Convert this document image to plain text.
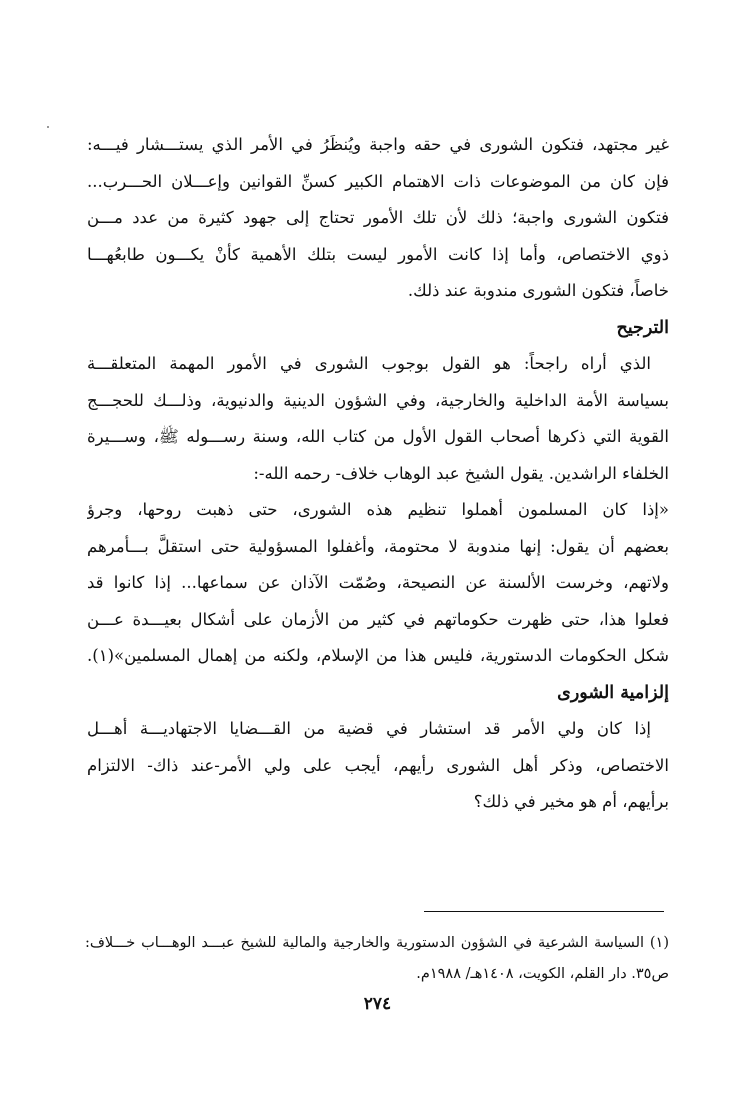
غير مجتهد، فتكون الشورى في حقه واجبة ويُنظَرُ في الأمر الذي يستـــشار فيـــه:
فإن كان من الموضوعات ذات الاهتمام الكبير كسنِّ القوانين وإعـــلان الحـــرب...
فتكون الشورى واجبة؛ ذلك لأن تلك الأمور تحتاج إلى جهود كثيرة من عدد مـــن
ذوي الاختصاص، وأما إذا كانت الأمور ليست بتلك الأهمية كأنْ يكـــون طابعُهـــا
خاصاً، فتكون الشورى مندوبة عند ذلك.
الترجيح
الذي أراه راجحاً: هو القول بوجوب الشورى في الأمور المهمة المتعلقـــة
بسياسة الأمة الداخلية والخارجية، وفي الشؤون الدينية والدنيوية، وذلـــك للحجـــج
القوية التي ذكرها أصحاب القول الأول من كتاب الله، وسنة رســـوله ﷺ، وســـيرة
الخلفاء الراشدين. يقول الشيخ عبد الوهاب خلاف- رحمه الله-:
«إذا كان المسلمون أهملوا تنظيم هذه الشورى، حتى ذهبت روحها، وجرؤ
بعضهم أن يقول: إنها مندوبة لا محتومة، وأغفلوا المسؤولية حتى استقلَّ بـــأمرهم
ولاتهم، وخرست الألسنة عن النصيحة، وصُمّت الآذان عن سماعها... إذا كانوا قد
فعلوا هذا، حتى ظهرت حكوماتهم في كثير من الأزمان على أشكال بعيـــدة عـــن
شكل الحكومات الدستورية، فليس هذا من الإسلام، ولكنه من إهمال المسلمين»(١).
إلزامية الشورى
إذا كان ولي الأمر قد استشار في قضية من القـــضايا الاجتهاديـــة أهـــل
الاختصاص، وذكر أهل الشورى رأيهم، أيجب على ولي الأمر-عند ذاك- الالتزام
برأيهم، أم هو مخير في ذلك؟
(١) السياسة الشرعية في الشؤون الدستورية والخارجية والمالية للشيخ عبـــد الوهـــاب خـــلاف:
ص٣٥. دار القلم، الكويت، ١٤٠٨هـ/ ١٩٨٨م.
٢٧٤
